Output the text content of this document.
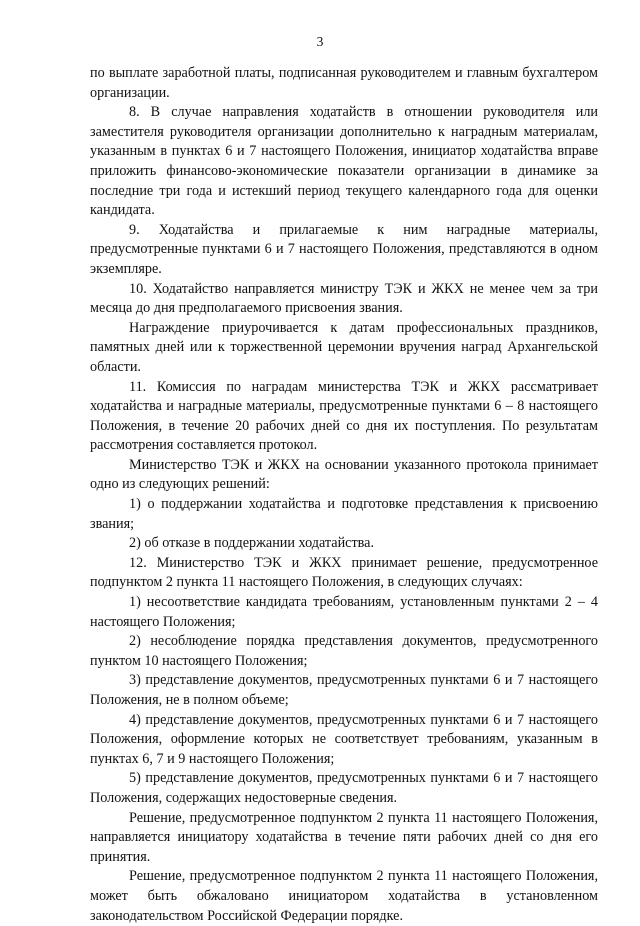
3

по выплате заработной платы, подписанная руководителем и главным бухгалтером организации.

8. В случае направления ходатайств в отношении руководителя или заместителя руководителя организации дополнительно к наградным материалам, указанным в пунктах 6 и 7 настоящего Положения, инициатор ходатайства вправе приложить финансово-экономические показатели организации в динамике за последние три года и истекший период текущего календарного года для оценки кандидата.

9. Ходатайства и прилагаемые к ним наградные материалы, предусмотренные пунктами 6 и 7 настоящего Положения, представляются в одном экземпляре.

10. Ходатайство направляется министру ТЭК и ЖКХ не менее чем за три месяца до дня предполагаемого присвоения звания.

Награждение приурочивается к датам профессиональных праздников, памятных дней или к торжественной церемонии вручения наград Архангельской области.

11. Комиссия по наградам министерства ТЭК и ЖКХ рассматривает ходатайства и наградные материалы, предусмотренные пунктами 6 – 8 настоящего Положения, в течение 20 рабочих дней со дня их поступления. По результатам рассмотрения составляется протокол.

Министерство ТЭК и ЖКХ на основании указанного протокола принимает одно из следующих решений:

1) о поддержании ходатайства и подготовке представления к присвоению звания;

2) об отказе в поддержании ходатайства.

12. Министерство ТЭК и ЖКХ принимает решение, предусмотренное подпунктом 2 пункта 11 настоящего Положения, в следующих случаях:

1) несоответствие кандидата требованиям, установленным пунктами 2 – 4 настоящего Положения;

2) несоблюдение порядка представления документов, предусмотренного пунктом 10 настоящего Положения;

3) представление документов, предусмотренных пунктами 6 и 7 настоящего Положения, не в полном объеме;

4) представление документов, предусмотренных пунктами 6 и 7 настоящего Положения, оформление которых не соответствует требованиям, указанным в пунктах 6, 7 и 9 настоящего Положения;

5) представление документов, предусмотренных пунктами 6 и 7 настоящего Положения, содержащих недостоверные сведения.

Решение, предусмотренное подпунктом 2 пункта 11 настоящего Положения, направляется инициатору ходатайства в течение пяти рабочих дней со дня его принятия.

Решение, предусмотренное подпунктом 2 пункта 11 настоящего Положения, может быть обжаловано инициатором ходатайства в установленном законодательством Российской Федерации порядке.
